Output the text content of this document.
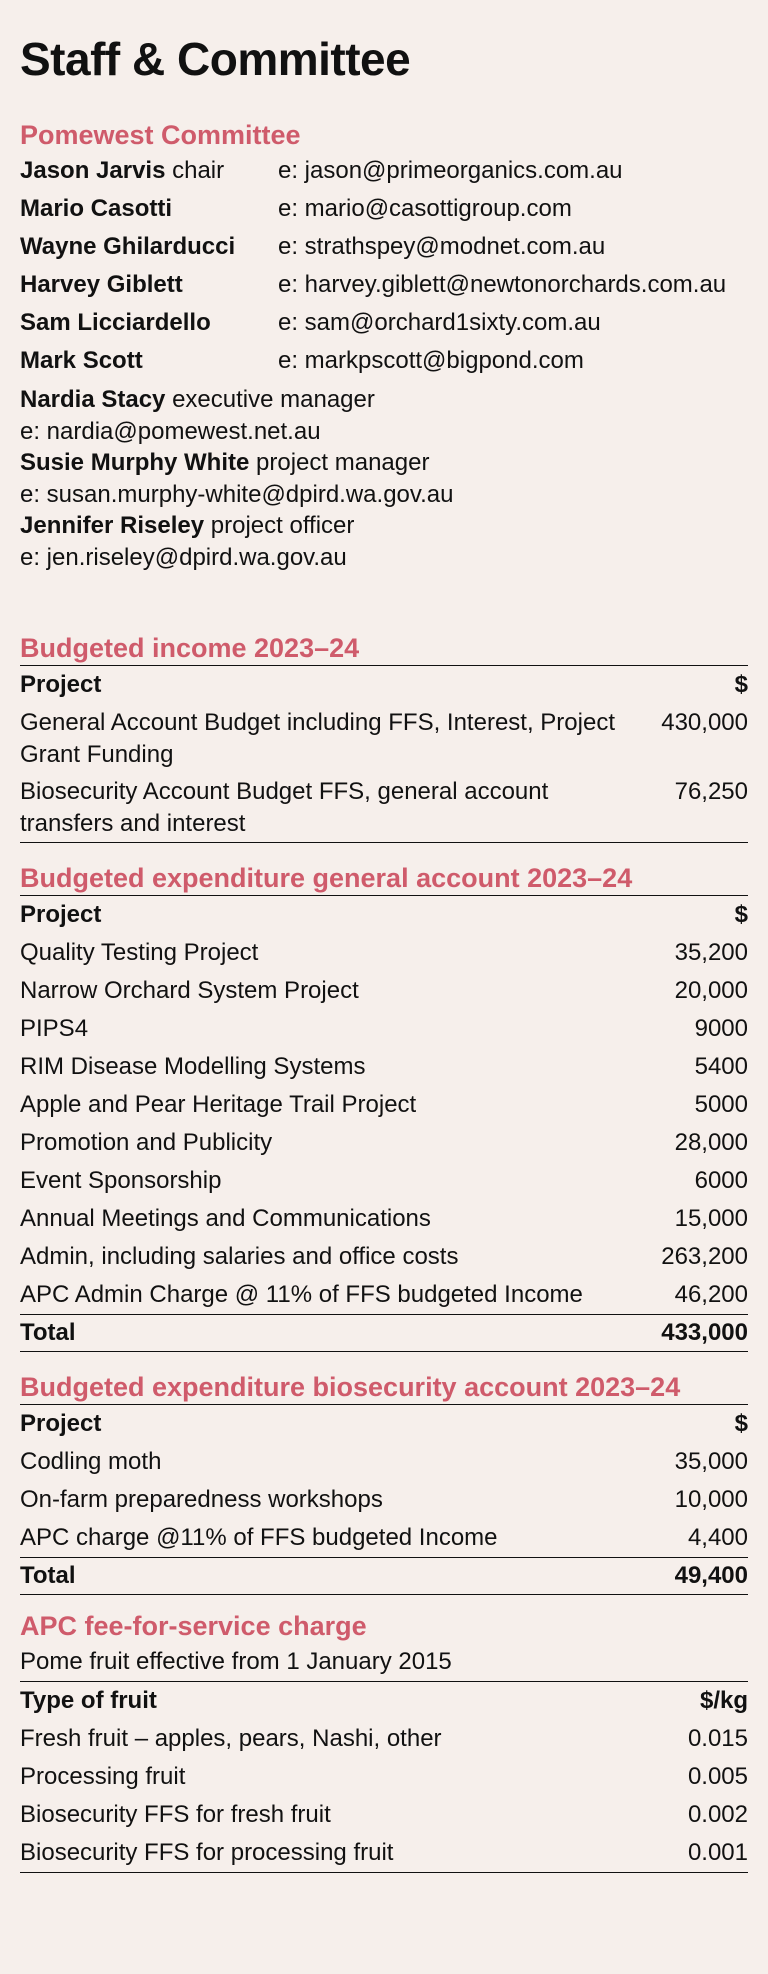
Staff & Committee
Pomewest Committee
Jason Jarvis chair	e: jason@primeorganics.com.au
Mario Casotti	e: mario@casottigroup.com
Wayne Ghilarducci	e: strathspey@modnet.com.au
Harvey Giblett	e: harvey.giblett@newtonorchards.com.au
Sam Licciardello	e: sam@orchard1sixty.com.au
Mark Scott	e: markpscott@bigpond.com
Nardia Stacy executive manager
e: nardia@pomewest.net.au
Susie Murphy White project manager
e: susan.murphy-white@dpird.wa.gov.au
Jennifer Riseley project officer
e: jen.riseley@dpird.wa.gov.au
Budgeted income 2023–24
Project	$
General Account Budget including FFS, Interest, Project Grant Funding	430,000
Biosecurity Account Budget FFS, general account transfers and interest	76,250
Budgeted expenditure general account 2023–24
Project	$
Quality Testing Project	35,200
Narrow Orchard System Project	20,000
PIPS4	9000
RIM Disease Modelling Systems	5400
Apple and Pear Heritage Trail Project	5000
Promotion and Publicity	28,000
Event Sponsorship	6000
Annual Meetings and Communications	15,000
Admin, including salaries and office costs	263,200
APC Admin Charge @ 11% of FFS budgeted Income	46,200
Total	433,000
Budgeted expenditure biosecurity account 2023–24
Project	$
Codling moth	35,000
On-farm preparedness workshops	10,000
APC charge @11% of FFS budgeted Income	4,400
Total	49,400
APC fee-for-service charge
Pome fruit effective from 1 January 2015
Type of fruit	$/kg
Fresh fruit – apples, pears, Nashi, other	0.015
Processing fruit	0.005
Biosecurity FFS for fresh fruit	0.002
Biosecurity FFS for processing fruit	0.001
